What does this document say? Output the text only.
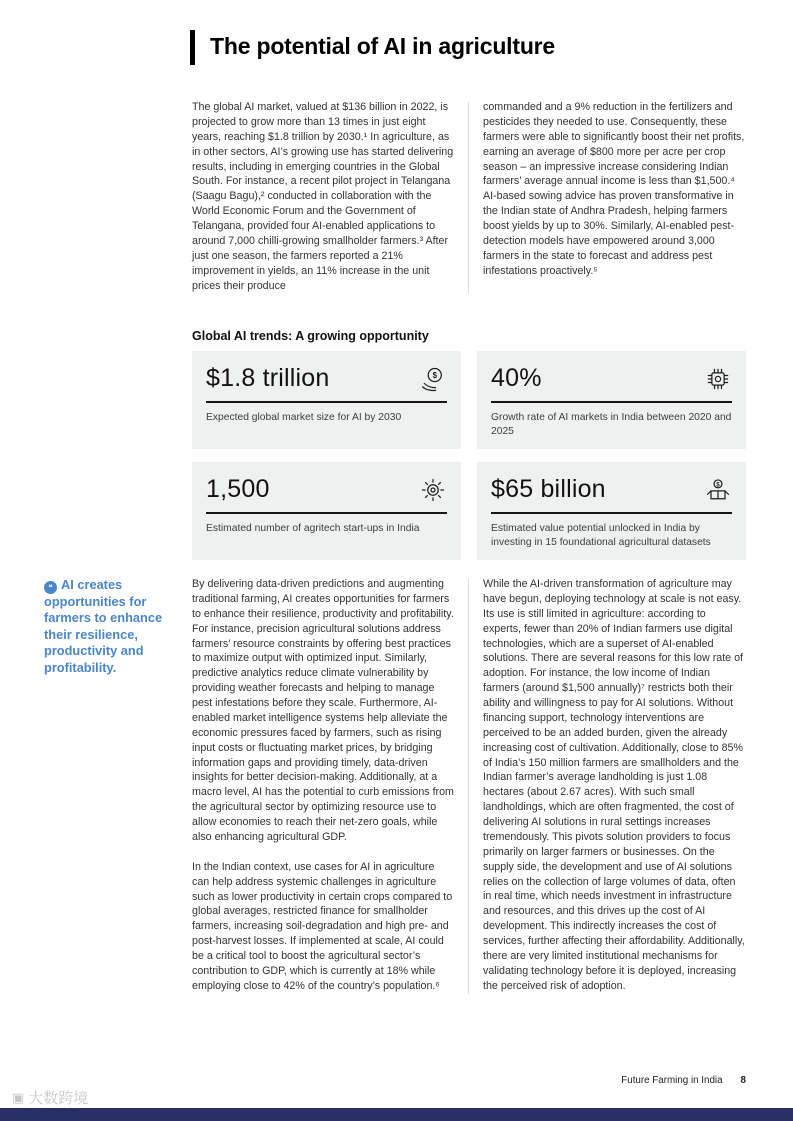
The potential of AI in agriculture
The global AI market, valued at $136 billion in 2022, is projected to grow more than 13 times in just eight years, reaching $1.8 trillion by 2030.¹ In agriculture, as in other sectors, AI’s growing use has started delivering results, including in emerging countries in the Global South. For instance, a recent pilot project in Telangana (Saagu Bagu),² conducted in collaboration with the World Economic Forum and the Government of Telangana, provided four AI-enabled applications to around 7,000 chilli-growing smallholder farmers.³ After just one season, the farmers reported a 21% improvement in yields, an 11% increase in the unit prices their produce
commanded and a 9% reduction in the fertilizers and pesticides they needed to use. Consequently, these farmers were able to significantly boost their net profits, earning an average of $800 more per acre per crop season – an impressive increase considering Indian farmers’ average annual income is less than $1,500.⁴ AI-based sowing advice has proven transformative in the Indian state of Andhra Pradesh, helping farmers boost yields by up to 30%. Similarly, AI-enabled pest-detection models have empowered around 3,000 farmers in the state to forecast and address pest infestations proactively.⁵
Global AI trends: A growing opportunity
$1.8 trillion	$
Expected global market size for AI by 2030
40%
Growth rate of AI markets in India between 2020 and 2025
1,500
Estimated number of agritech start-ups in India
$65 billion	$
Estimated value potential unlocked in India by investing in 15 foundational agricultural datasets
❝ AI creates opportunities for farmers to enhance their resilience, productivity and profitability.
By delivering data-driven predictions and augmenting traditional farming, AI creates opportunities for farmers to enhance their resilience, productivity and profitability. For instance, precision agricultural solutions address farmers’ resource constraints by offering best practices to maximize output with optimized input. Similarly, predictive analytics reduce climate vulnerability by providing weather forecasts and helping to manage pest infestations before they scale. Furthermore, AI-enabled market intelligence systems help alleviate the economic pressures faced by farmers, such as rising input costs or fluctuating market prices, by bridging information gaps and providing timely, data-driven insights for better decision-making. Additionally, at a macro level, AI has the potential to curb emissions from the agricultural sector by optimizing resource use to allow economies to reach their net-zero goals, while also enhancing agricultural GDP.
In the Indian context, use cases for AI in agriculture can help address systemic challenges in agriculture such as lower productivity in certain crops compared to global averages, restricted finance for smallholder farmers, increasing soil-degradation and high pre- and post-harvest losses. If implemented at scale, AI could be a critical tool to boost the agricultural sector’s contribution to GDP, which is currently at 18% while employing close to 42% of the country’s population.⁶
While the AI-driven transformation of agriculture may have begun, deploying technology at scale is not easy. Its use is still limited in agriculture: according to experts, fewer than 20% of Indian farmers use digital technologies, which are a superset of AI-enabled solutions. There are several reasons for this low rate of adoption. For instance, the low income of Indian farmers (around $1,500 annually)⁷ restricts both their ability and willingness to pay for AI solutions. Without financing support, technology interventions are perceived to be an added burden, given the already increasing cost of cultivation. Additionally, close to 85% of India’s 150 million farmers are smallholders and the Indian farmer’s average landholding is just 1.08 hectares (about 2.67 acres). With such small landholdings, which are often fragmented, the cost of delivering AI solutions in rural settings increases tremendously. This pivots solution providers to focus primarily on larger farmers or businesses. On the supply side, the development and use of AI solutions relies on the collection of large volumes of data, often in real time, which needs investment in infrastructure and resources, and this drives up the cost of AI development. This indirectly increases the cost of services, further affecting their affordability. Additionally, there are very limited institutional mechanisms for validating technology before it is deployed, increasing the perceived risk of adoption.
Future Farming in India 8
▣ 大数跨境
